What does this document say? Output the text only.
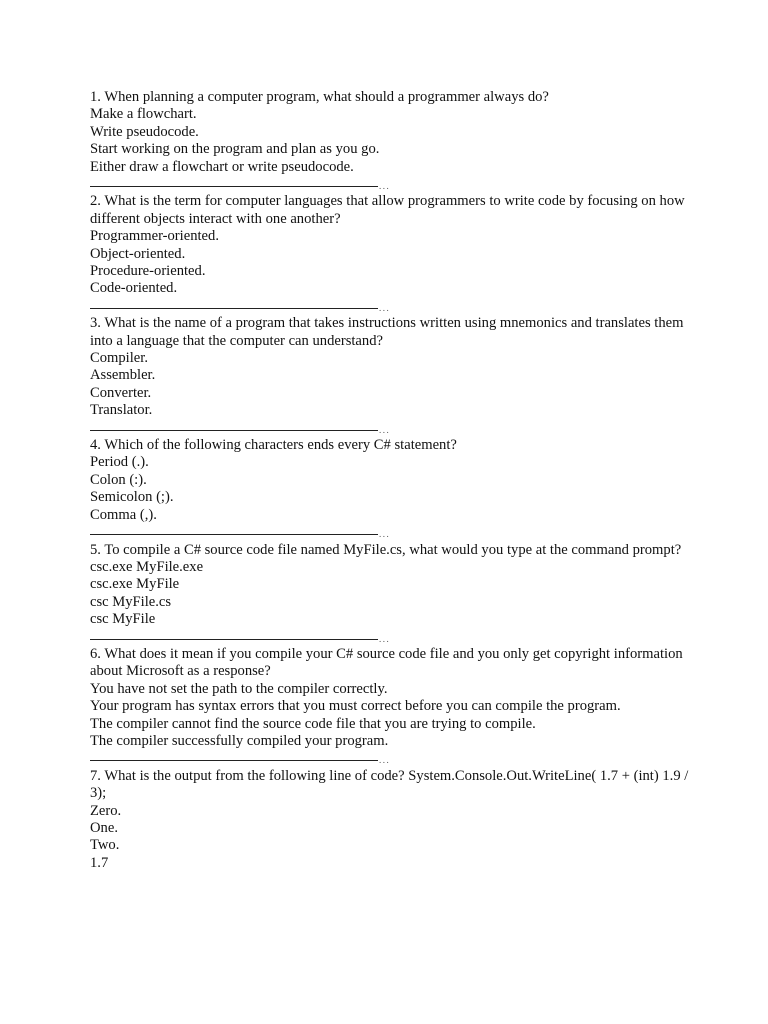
1. When planning a computer program, what should a programmer always do?

Make a flowchart.

Write pseudocode.

Start working on the program and plan as you go.

Either draw a flowchart or write pseudocode.

...

2. What is the term for computer languages that allow programmers to write code by focusing on how different objects interact with one another?

Programmer-oriented.

Object-oriented.

Procedure-oriented.

Code-oriented.

...

3. What is the name of a program that takes instructions written using mnemonics and translates them into a language that the computer can understand?

Compiler.

Assembler.

Converter.

Translator.

...

4. Which of the following characters ends every C# statement?

Period (.).

Colon (:).

Semicolon (;).

Comma (,).

...

5. To compile a C# source code file named MyFile.cs, what would you type at the command prompt?

csc.exe MyFile.exe

csc.exe MyFile

csc MyFile.cs

csc MyFile

...

6. What does it mean if you compile your C# source code file and you only get copyright information about Microsoft as a response?

You have not set the path to the compiler correctly.

Your program has syntax errors that you must correct before you can compile the program.

The compiler cannot find the source code file that you are trying to compile.

The compiler successfully compiled your program.

...

7. What is the output from the following line of code? System.Console.Out.WriteLine( 1.7 + (int) 1.9 / 3);

Zero.

One.

Two.

1.7
